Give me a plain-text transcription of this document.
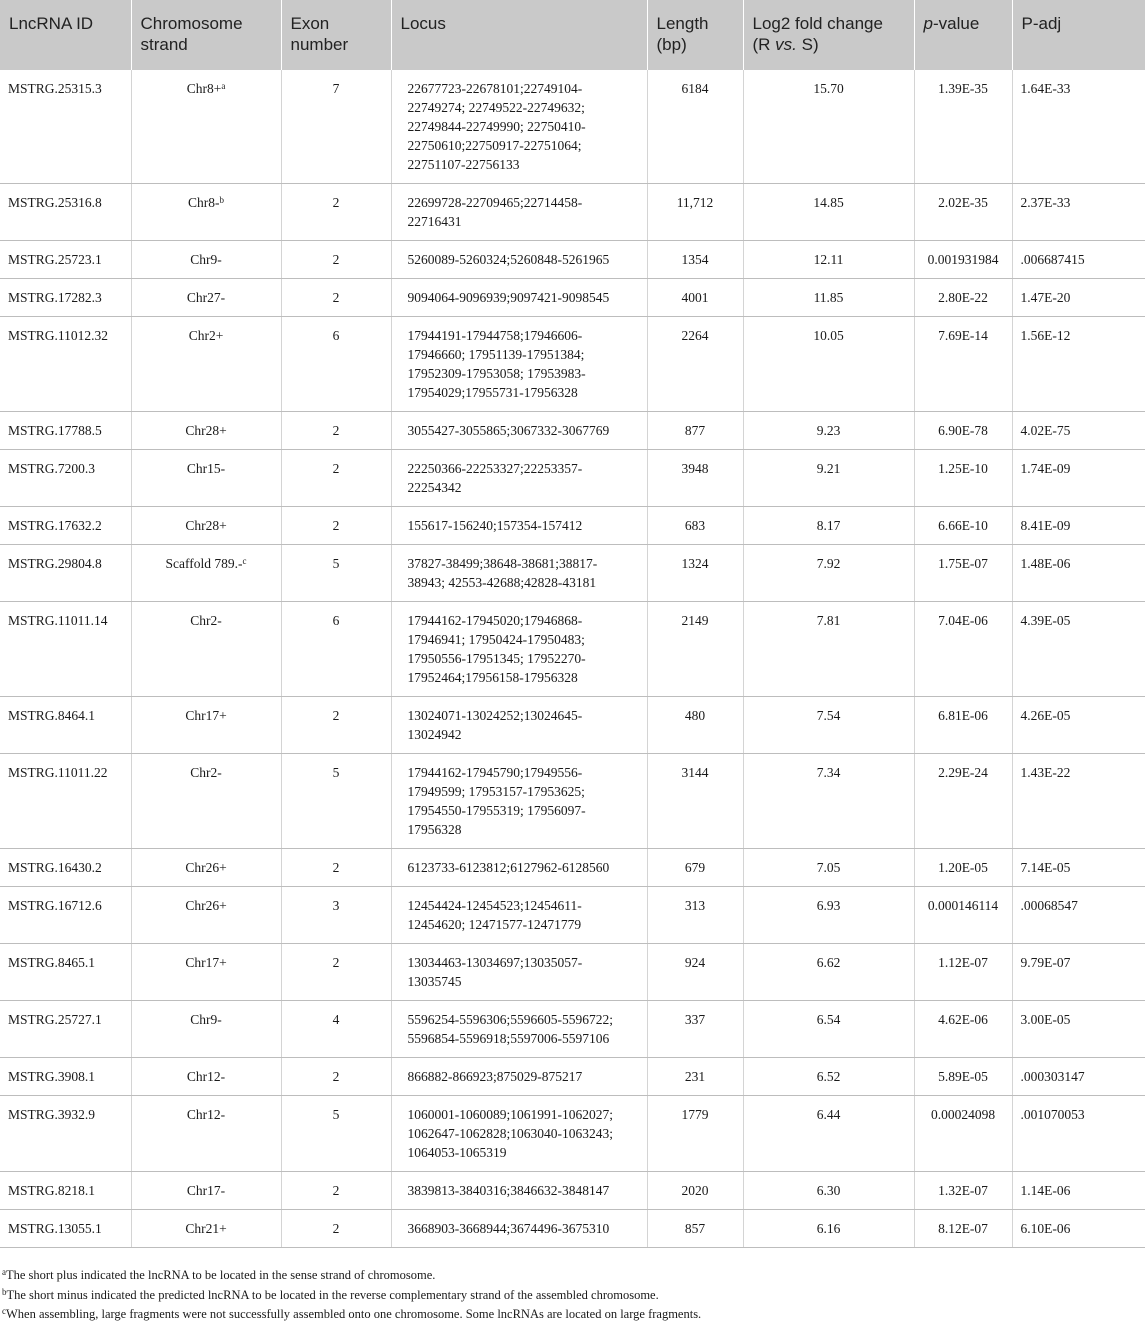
LncRNA ID	Chromosome strand	Exon number	Locus	Length (bp)	Log2 fold change (R vs. S)	p-value	P-adj
MSTRG.25315.3	Chr8+$^a$	7	22677723-22678101;22749104-22749274; 22749522-22749632; 22749844-22749990; 22750410-22750610;22750917-22751064; 22751107-22756133	6184	15.70	1.39E-35	1.64E-33
MSTRG.25316.8	Chr8-$^b$	2	22699728-22709465;22714458-22716431	11,712	14.85	2.02E-35	2.37E-33
MSTRG.25723.1	Chr9-	2	5260089-5260324;5260848-5261965	1354	12.11	0.001931984	.006687415
MSTRG.17282.3	Chr27-	2	9094064-9096939;9097421-9098545	4001	11.85	2.80E-22	1.47E-20
MSTRG.11012.32	Chr2+	6	17944191-17944758;17946606-17946660; 17951139-17951384; 17952309-17953058; 17953983-17954029;17955731-17956328	2264	10.05	7.69E-14	1.56E-12
MSTRG.17788.5	Chr28+	2	3055427-3055865;3067332-3067769	877	9.23	6.90E-78	4.02E-75
MSTRG.7200.3	Chr15-	2	22250366-22253327;22253357-22254342	3948	9.21	1.25E-10	1.74E-09
MSTRG.17632.2	Chr28+	2	155617-156240;157354-157412	683	8.17	6.66E-10	8.41E-09
MSTRG.29804.8	Scaffold 789.-$^c$	5	37827-38499;38648-38681;38817-38943; 42553-42688;42828-43181	1324	7.92	1.75E-07	1.48E-06
MSTRG.11011.14	Chr2-	6	17944162-17945020;17946868-17946941; 17950424-17950483; 17950556-17951345; 17952270-17952464;17956158-17956328	2149	7.81	7.04E-06	4.39E-05
MSTRG.8464.1	Chr17+	2	13024071-13024252;13024645-13024942	480	7.54	6.81E-06	4.26E-05
MSTRG.11011.22	Chr2-	5	17944162-17945790;17949556-17949599; 17953157-17953625; 17954550-17955319; 17956097-17956328	3144	7.34	2.29E-24	1.43E-22
MSTRG.16430.2	Chr26+	2	6123733-6123812;6127962-6128560	679	7.05	1.20E-05	7.14E-05
MSTRG.16712.6	Chr26+	3	12454424-12454523;12454611-12454620; 12471577-12471779	313	6.93	0.000146114	.00068547
MSTRG.8465.1	Chr17+	2	13034463-13034697;13035057-13035745	924	6.62	1.12E-07	9.79E-07
MSTRG.25727.1	Chr9-	4	5596254-5596306;5596605-5596722; 5596854-5596918;5597006-5597106	337	6.54	4.62E-06	3.00E-05
MSTRG.3908.1	Chr12-	2	866882-866923;875029-875217	231	6.52	5.89E-05	.000303147
MSTRG.3932.9	Chr12-	5	1060001-1060089;1061991-1062027; 1062647-1062828;1063040-1063243; 1064053-1065319	1779	6.44	0.00024098	.001070053
MSTRG.8218.1	Chr17-	2	3839813-3840316;3846632-3848147	2020	6.30	1.32E-07	1.14E-06
MSTRG.13055.1	Chr21+	2	3668903-3668944;3674496-3675310	857	6.16	8.12E-07	6.10E-06
$^a$The short plus indicated the lncRNA to be located in the sense strand of chromosome.
$^b$The short minus indicated the predicted lncRNA to be located in the reverse complementary strand of the assembled chromosome.
$^c$When assembling, large fragments were not successfully assembled onto one chromosome. Some lncRNAs are located on large fragments.
